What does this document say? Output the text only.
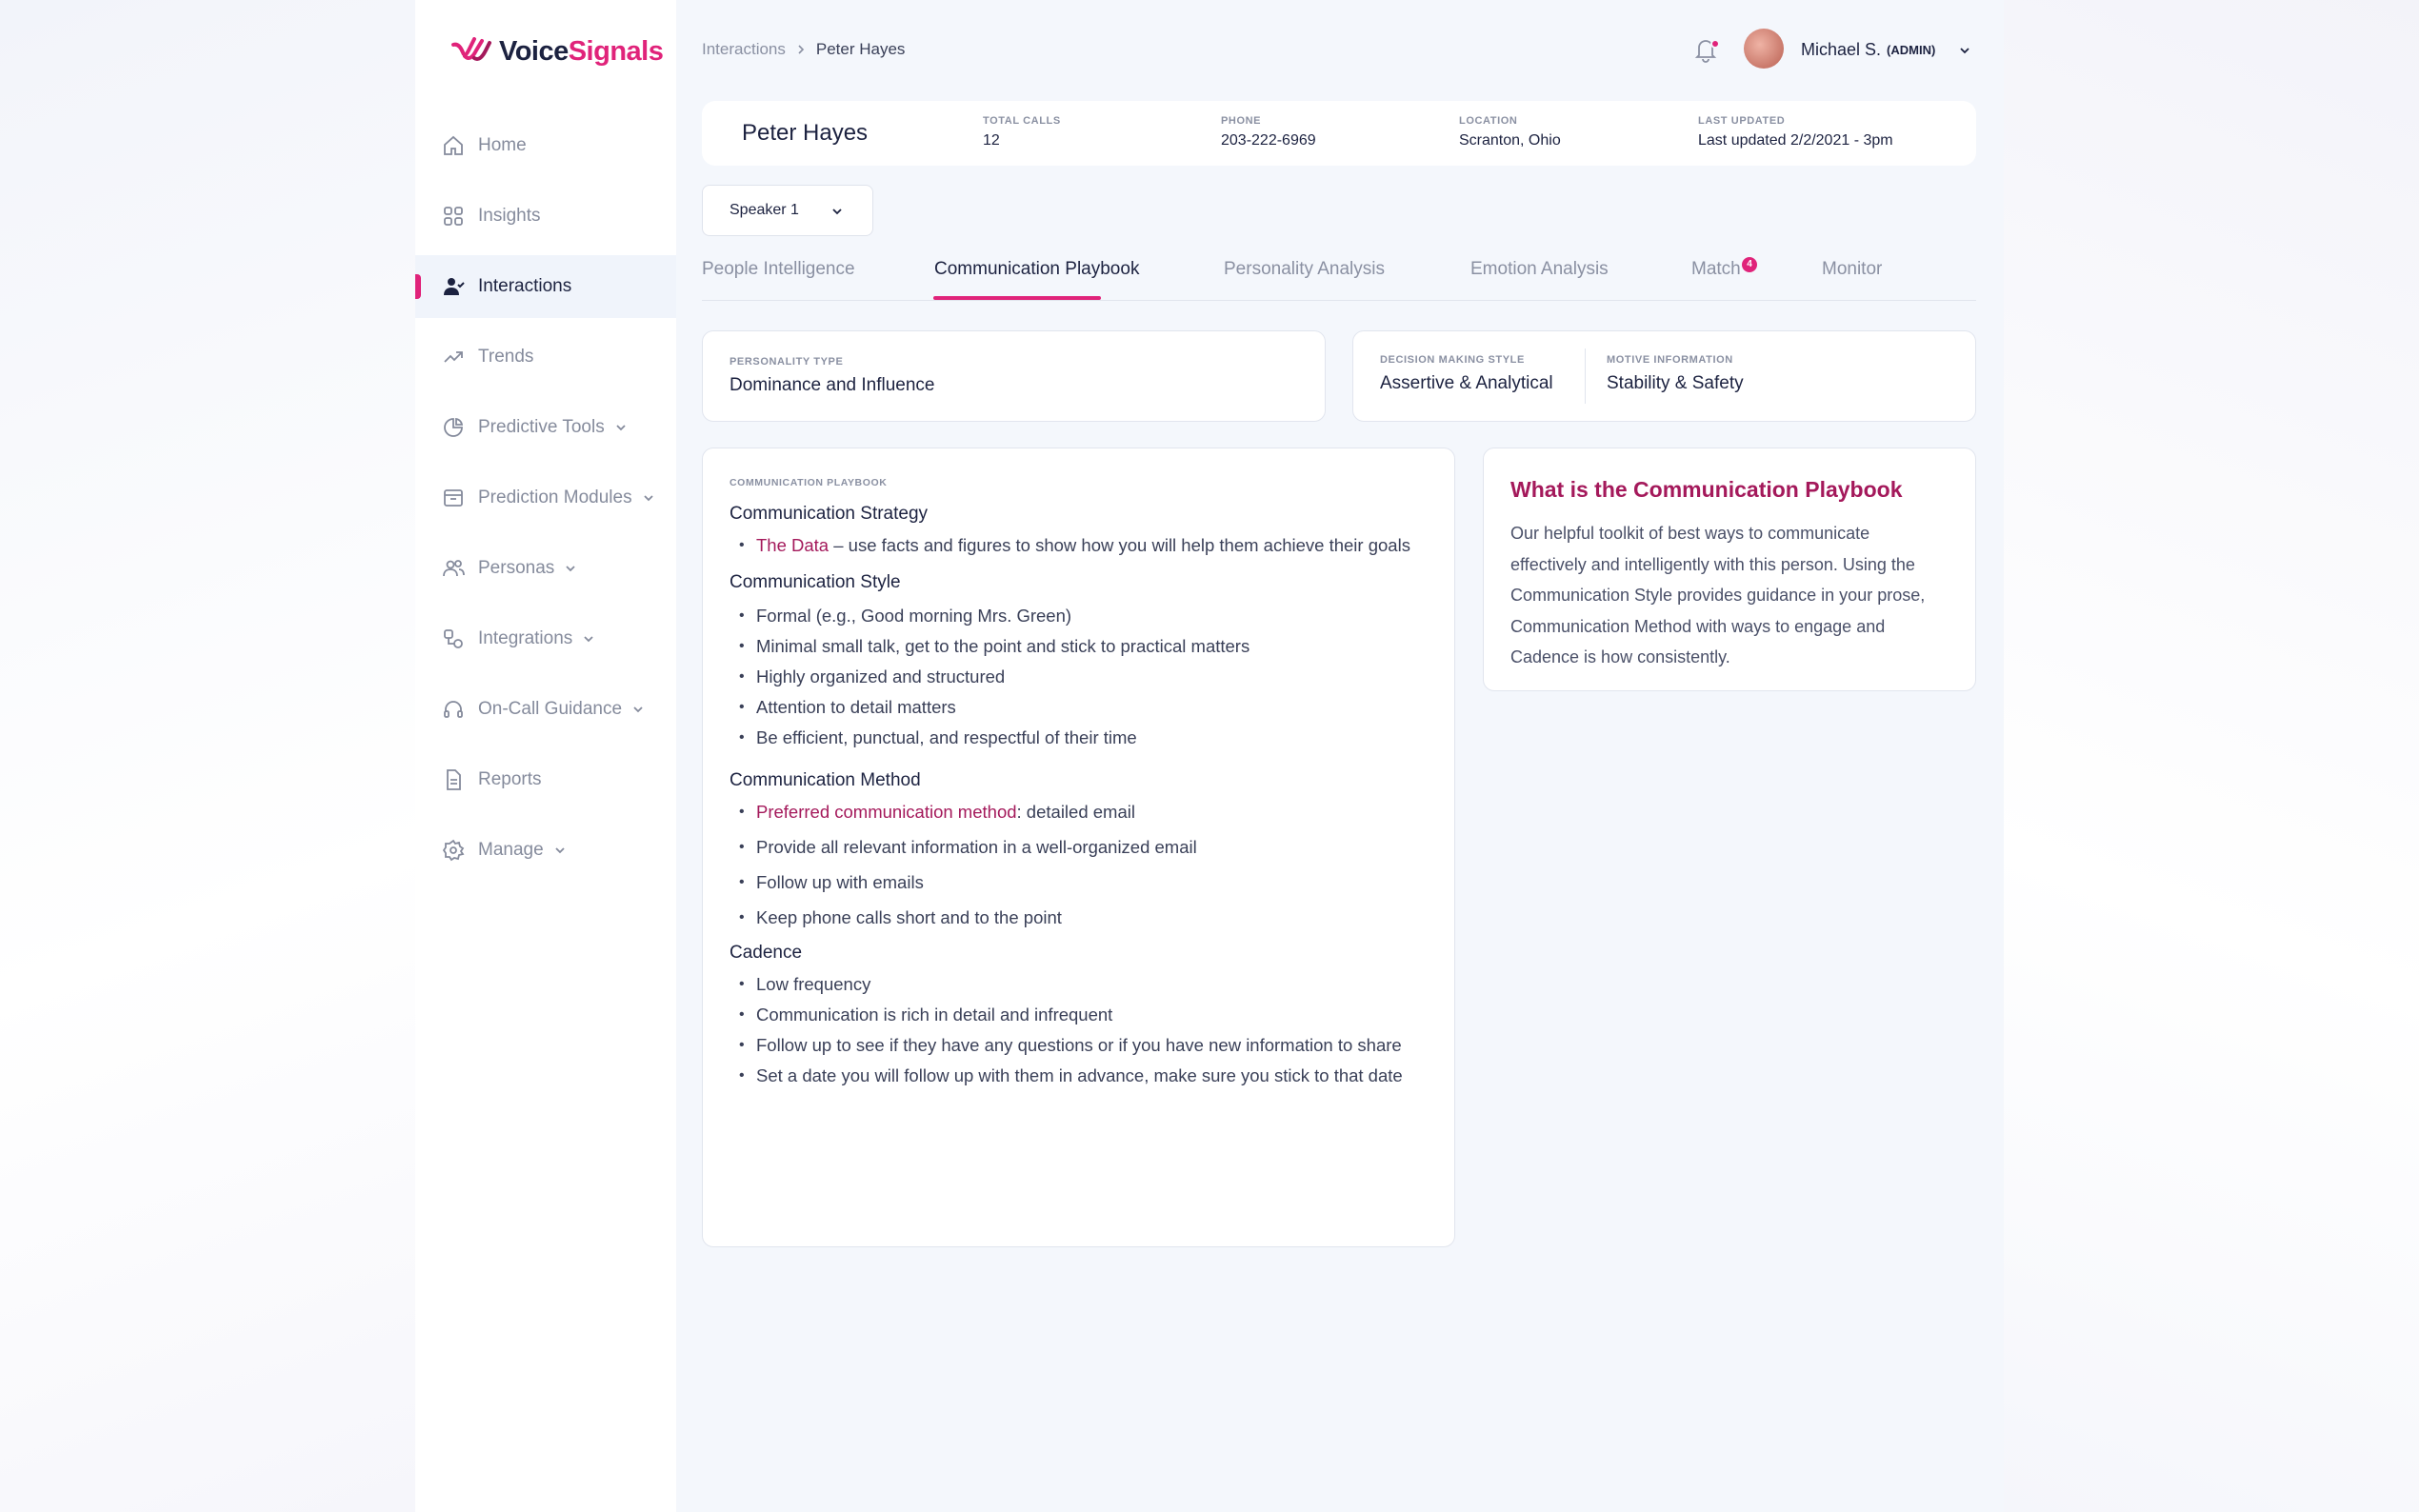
VoiceSignals
Home
Insights
Interactions
Trends
Predictive Tools
Prediction Modules
Personas
Integrations
On-Call Guidance
Reports
Manage
Interactions Peter Hayes	Michael S. (ADMIN)
Peter Hayes	TOTAL CALLS
12
PHONE
203-222-6969
LOCATION
Scranton, Ohio
LAST UPDATED
Last updated 2/2/2021 - 3pm
Speaker 1
People Intelligence	Communication Playbook	Personality Analysis	Emotion Analysis	Match 4	Monitor
PERSONALITY TYPE
Dominance and Influence
DECISION MAKING STYLE
Assertive & Analytical
MOTIVE INFORMATION
Stability & Safety
COMMUNICATION PLAYBOOK
Communication Strategy
• The Data – use facts and figures to show how you will help them achieve their goals
Communication Style
• Formal (e.g., Good morning Mrs. Green)
• Minimal small talk, get to the point and stick to practical matters
• Highly organized and structured
• Attention to detail matters
• Be efficient, punctual, and respectful of their time
Communication Method
• Preferred communication method: detailed email
• Provide all relevant information in a well-organized email
• Follow up with emails
• Keep phone calls short and to the point
Cadence
• Low frequency
• Communication is rich in detail and infrequent
• Follow up to see if they have any questions or if you have new information to share
• Set a date you will follow up with them in advance, make sure you stick to that date
What is the Communication Playbook
Our helpful toolkit of best ways to communicate effectively and intelligently with this person. Using the Communication Style provides guidance in your prose, Communication Method with ways to engage and Cadence is how consistently.
